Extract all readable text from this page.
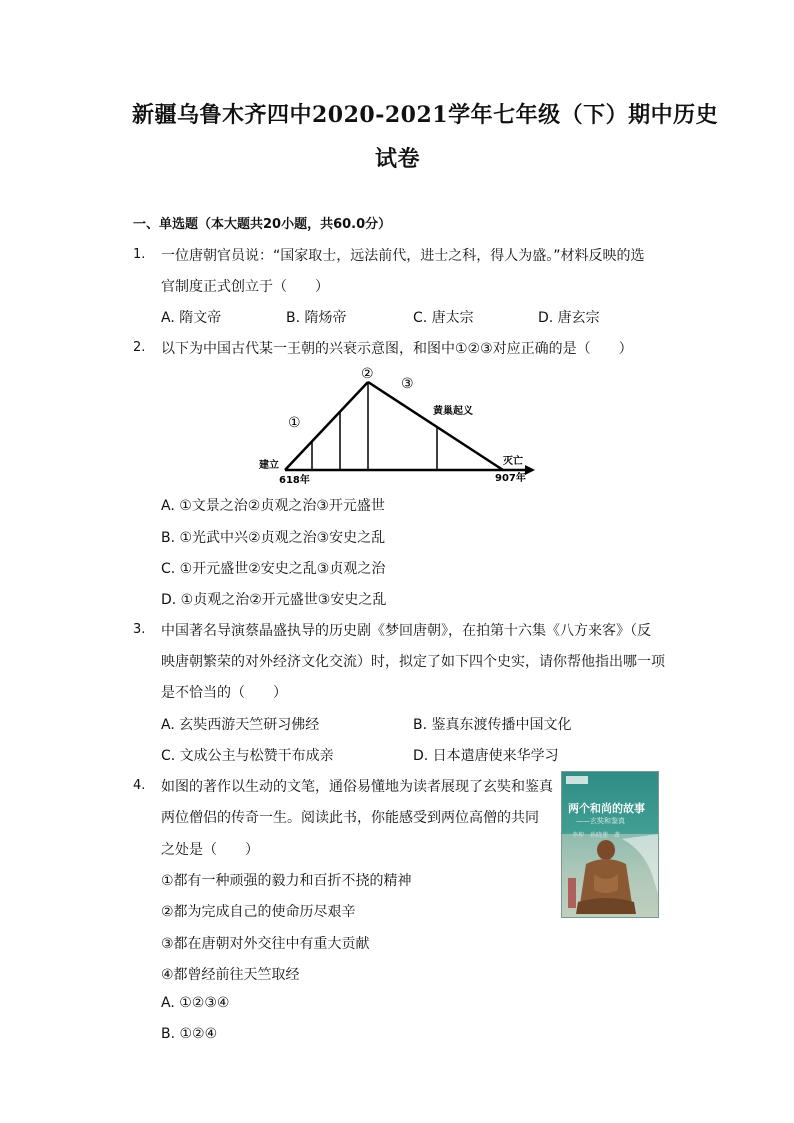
新疆乌鲁木齐四中2020-2021学年七年级（下）期中历史
试卷
一、单选题（本大题共20小题，共60.0分）
1. 一位唐朝官员说：“国家取士，远法前代，进士之科，得人为盛。”材料反映的选
官制度正式创立于（　　）
A. 隋文帝	B. 隋炀帝	C. 唐太宗	D. 唐玄宗
2. 以下为中国古代某一王朝的兴衰示意图，和图中①②③对应正确的是（　　）
①
②
③
建立
618年
灭亡
907年
黄巢起义
A. ①文景之治②贞观之治③开元盛世
B. ①光武中兴②贞观之治③安史之乱
C. ①开元盛世②安史之乱③贞观之治
D. ①贞观之治②开元盛世③安史之乱
3. 中国著名导演蔡晶盛执导的历史剧《梦回唐朝》，在拍第十六集《八方来客》（反
映唐朝繁荣的对外经济文化交流）时，拟定了如下四个史实，请你帮他指出哪一项
是不恰当的（　　）
A. 玄奘西游天竺研习佛经	B. 鉴真东渡传播中国文化
C. 文成公主与松赞干布成亲	D. 日本遣唐使来华学习
4. 如图的著作以生动的文笔，通俗易懂地为读者展现了玄奘和鉴真
两位僧侣的传奇一生。阅读此书，你能感受到两位高僧的共同
之处是（　　）
①都有一种顽强的毅力和百折不挠的精神
②都为完成自己的使命历尽艰辛
③都在唐朝对外交往中有重大贡献
④都曾经前往天竺取经
A. ①②③④
B. ①②④
两个和尚的故事
——玄奘和鉴真
